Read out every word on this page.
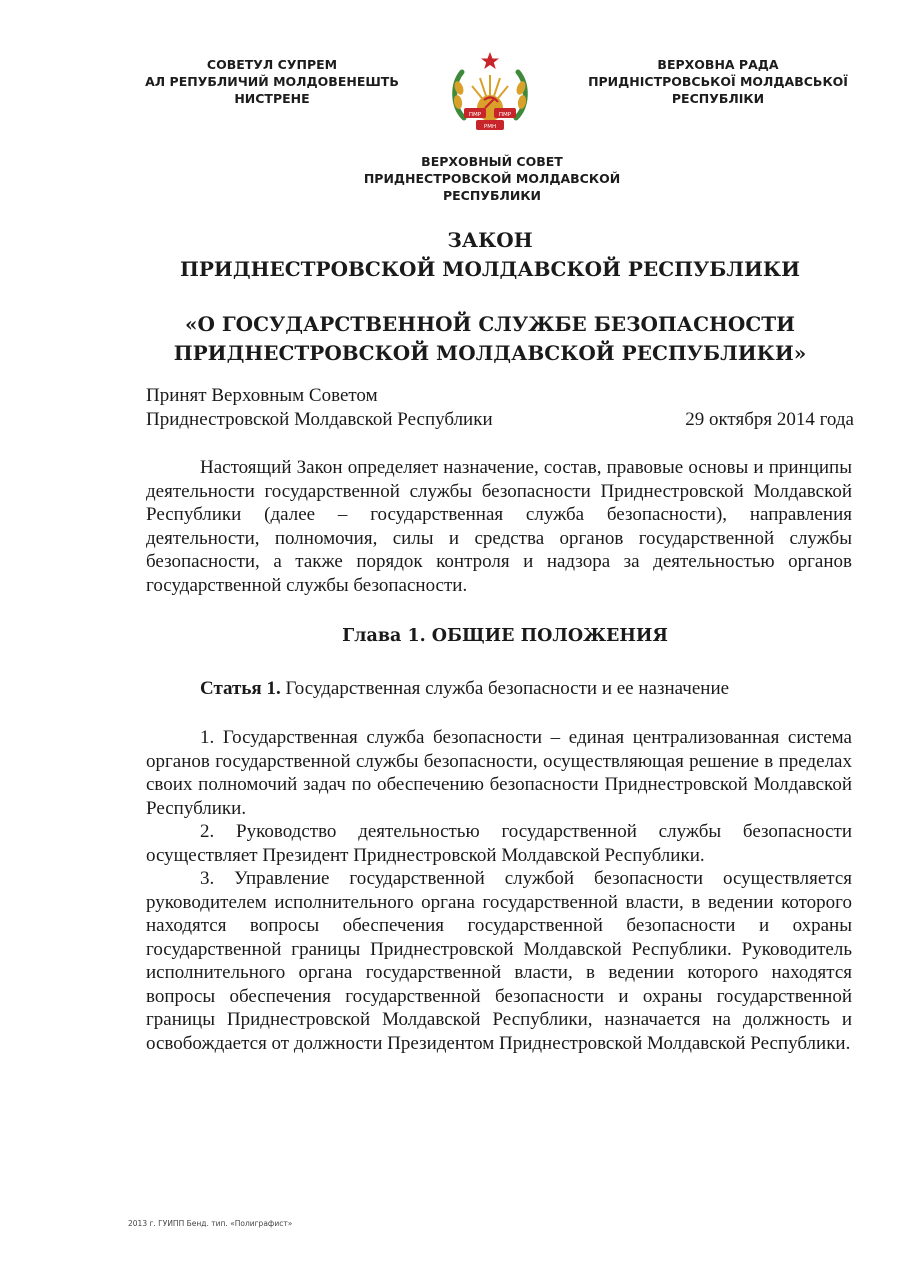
СОВЕТУЛ СУПРЕМ
АЛ РЕПУБЛИЧИЙ МОЛДОВЕНЕШТЬ
НИСТРЕНЕ
ПМР	ПМР
РМН
ВЕРХОВНА РАДА
ПРИДНІСТРОВСЬКОЇ МОЛДАВСЬКОЇ
РЕСПУБЛІКИ
ВЕРХОВНЫЙ СОВЕТ
ПРИДНЕСТРОВСКОЙ МОЛДАВСКОЙ
РЕСПУБЛИКИ
ЗАКОН
ПРИДНЕСТРОВСКОЙ МОЛДАВСКОЙ РЕСПУБЛИКИ
«О ГОСУДАРСТВЕННОЙ СЛУЖБЕ БЕЗОПАСНОСТИ
ПРИДНЕСТРОВСКОЙ МОЛДАВСКОЙ РЕСПУБЛИКИ»
Принят Верховным Советом
Приднестровской Молдавской Республики	29 октября 2014 года

Настоящий Закон определяет назначение, состав, правовые основы и принципы деятельности государственной службы безопасности Приднестровской Молдавской Республики (далее – государственная служба безопасности), направления деятельности, полномочия, силы и средства органов государственной службы безопасности, а также порядок контроля и надзора за деятельностью органов государственной службы безопасности.

Глава 1. ОБЩИЕ ПОЛОЖЕНИЯ
Статья 1. Государственная служба безопасности и ее назначение

1. Государственная служба безопасности – единая централизованная система органов государственной службы безопасности, осуществляющая решение в пределах своих полномочий задач по обеспечению безопасности Приднестровской Молдавской Республики.

2. Руководство деятельностью государственной службы безопасности осуществляет Президент Приднестровской Молдавской Республики.

3. Управление государственной службой безопасности осуществляется руководителем исполнительного органа государственной власти, в ведении которого находятся вопросы обеспечения государственной безопасности и охраны государственной границы Приднестровской Молдавской Республики. Руководитель исполнительного органа государственной власти, в ведении которого находятся вопросы обеспечения государственной безопасности и охраны государственной границы Приднестровской Молдавской Республики, назначается на должность и освобождается от должности Президентом Приднестровской Молдавской Республики.

2013 г. ГУИПП Бенд. тип. «Полиграфист»
